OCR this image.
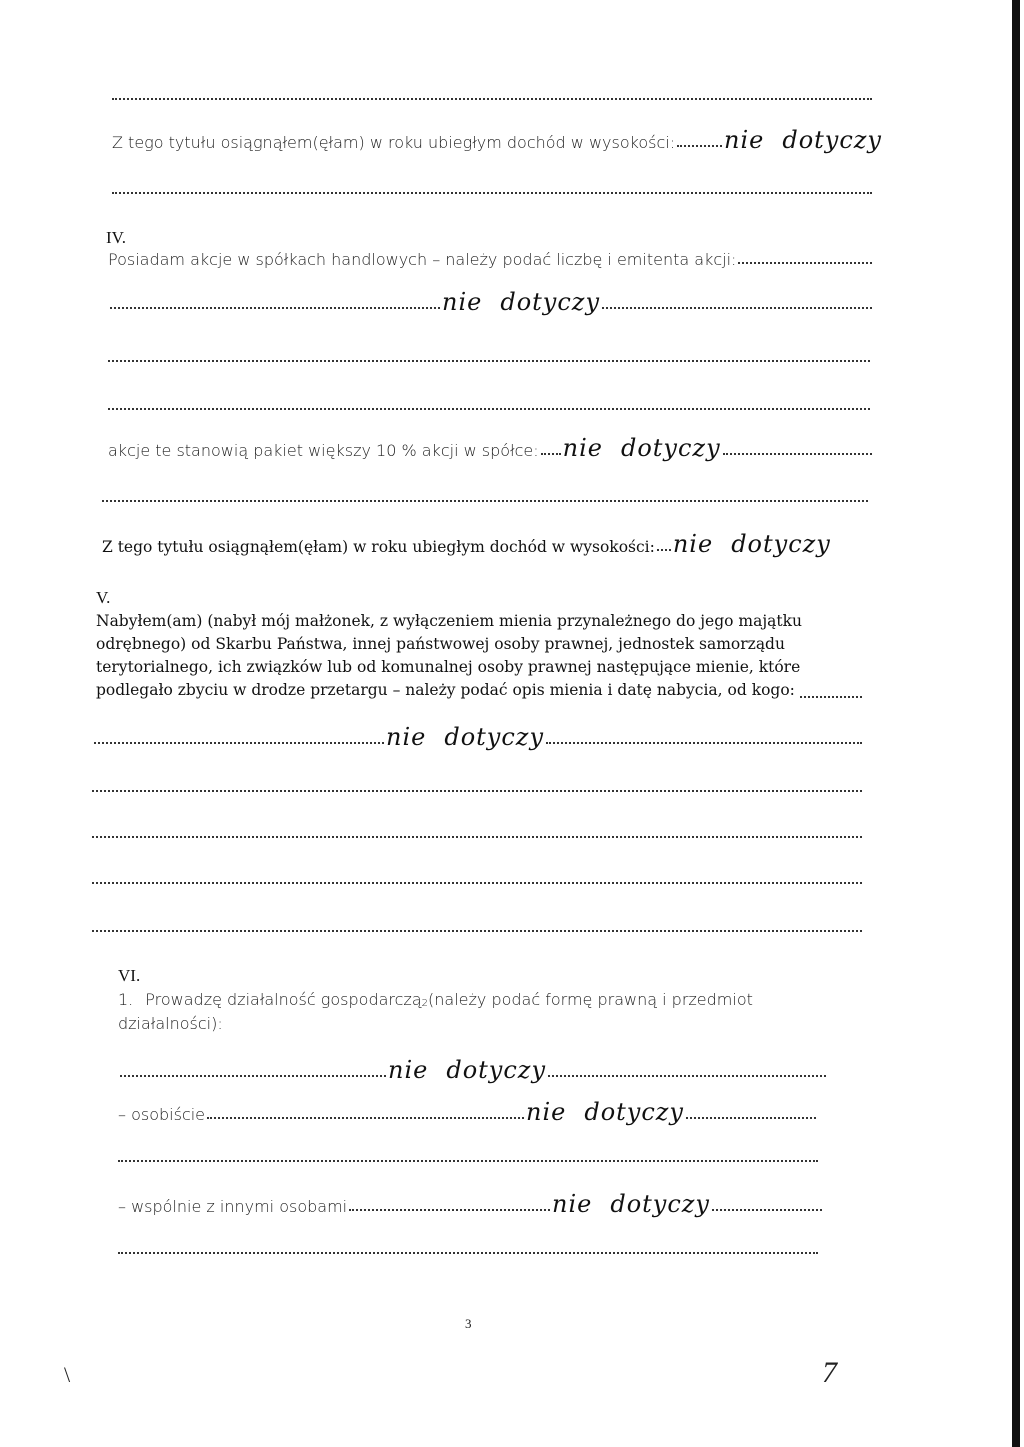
Z tego tytułu osiągnąłem(ęłam) w roku ubiegłym dochód w wysokości: nie dotyczy
IV.
Posiadam akcje w spółkach handlowych – należy podać liczbę i emitenta akcji:
nie dotyczy
akcje te stanowią pakiet większy 10 % akcji w spółce: nie dotyczy
Z tego tytułu osiągnąłem(ęłam) w roku ubiegłym dochód w wysokości: nie dotyczy
V.
Nabyłem(am) (nabył mój małżonek, z wyłączeniem mienia przynależnego do jego majątku
odrębnego) od Skarbu Państwa, innej państwowej osoby prawnej, jednostek samorządu
terytorialnego, ich związków lub od komunalnej osoby prawnej następujące mienie, które
podlegało zbyciu w drodze przetargu – należy podać opis mienia i datę nabycia, od kogo:
nie dotyczy
VI.
1. Prowadzę działalność gospodarczą 2 (należy podać formę prawną i przedmiot
działalności):
nie dotyczy
– osobiście	nie dotyczy
– wspólnie z innymi osobami	nie dotyczy
3
\	7
